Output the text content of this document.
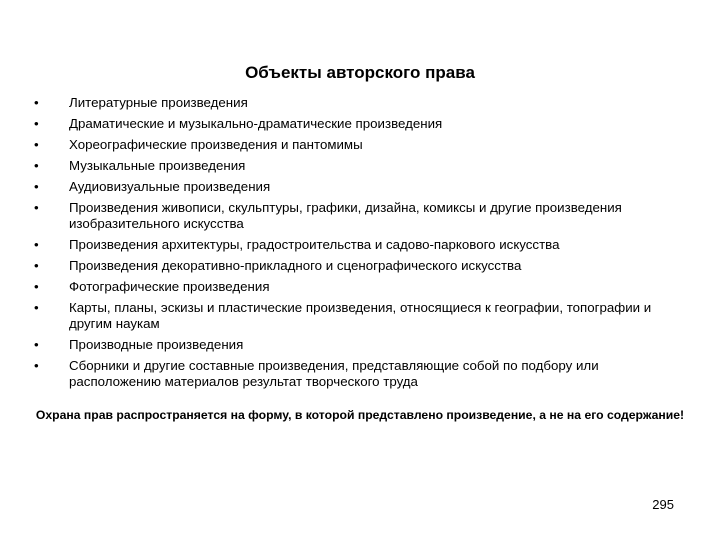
Объекты авторского права
•	Литературные произведения
•	Драматические и музыкально-драматические произведения
•	Хореографические произведения и пантомимы
•	Музыкальные произведения
•	Аудиовизуальные произведения
•	Произведения живописи, скульптуры, графики, дизайна, комиксы и другие произведения изобразительного искусства
•	Произведения архитектуры, градостроительства и садово-паркового искусства
•	Произведения декоративно-прикладного и сценографического искусства
•	Фотографические произведения
•	Карты, планы, эскизы и пластические произведения, относящиеся к географии, топографии и другим наукам
•	Производные произведения
•	Сборники и другие составные произведения, представляющие собой по подбору или расположению материалов результат творческого труда

Охрана прав распространяется на форму, в которой представлено произведение, а не на его содержание!

295
